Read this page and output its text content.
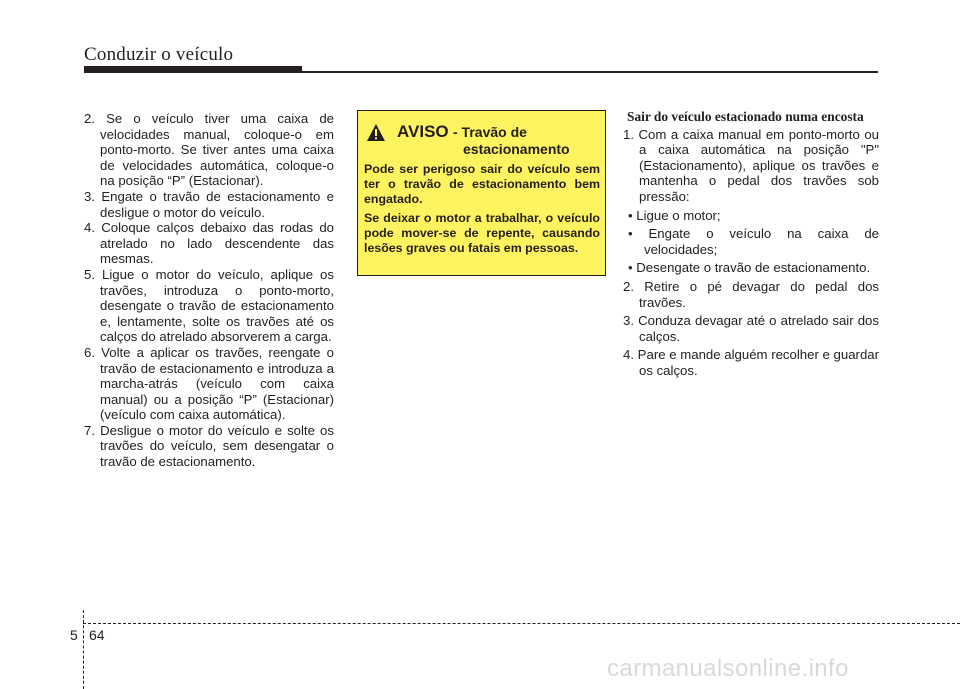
Conduzir o veículo

2. Se o veículo tiver uma caixa de velocidades manual, coloque-o em ponto-morto. Se tiver antes uma caixa de velocidades automática, coloque-o na posição “P” (Estacionar).

3. Engate o travão de estacionamento e desligue o motor do veículo.

4. Coloque calços debaixo das rodas do atrelado no lado descendente das mesmas.

5. Ligue o motor do veículo, aplique os travões, introduza o ponto-morto, desengate o travão de estacionamento e, lentamente, solte os travões até os calços do atrelado absorverem a carga.

6. Volte a aplicar os travões, reengate o travão de estacionamento e introduza a marcha-atrás (veículo com caixa manual) ou a posição “P” (Estacionar) (veículo com caixa automática).

7. Desligue o motor do veículo e solte os travões do veículo, sem desengatar o travão de estacionamento.

AVISO - Travão de
estacionamento

Pode ser perigoso sair do veículo sem ter o travão de estacionamento bem engatado.

Se deixar o motor a trabalhar, o veículo pode mover-se de repente, causando lesões graves ou fatais em pessoas.

Sair do veículo estacionado numa encosta

1. Com a caixa manual em ponto-morto ou a caixa automática na posição "P" (Estacionamento), aplique os travões e mantenha o pedal dos travões sob pressão:

• Ligue o motor;

• Engate o veículo na caixa de velocidades;

• Desengate o travão de estacionamento.

2. Retire o pé devagar do pedal dos travões.

3. Conduza devagar até o atrelado sair dos calços.

4. Pare e mande alguém recolher e guardar os calços.

5 64
carmanualsonline.info
